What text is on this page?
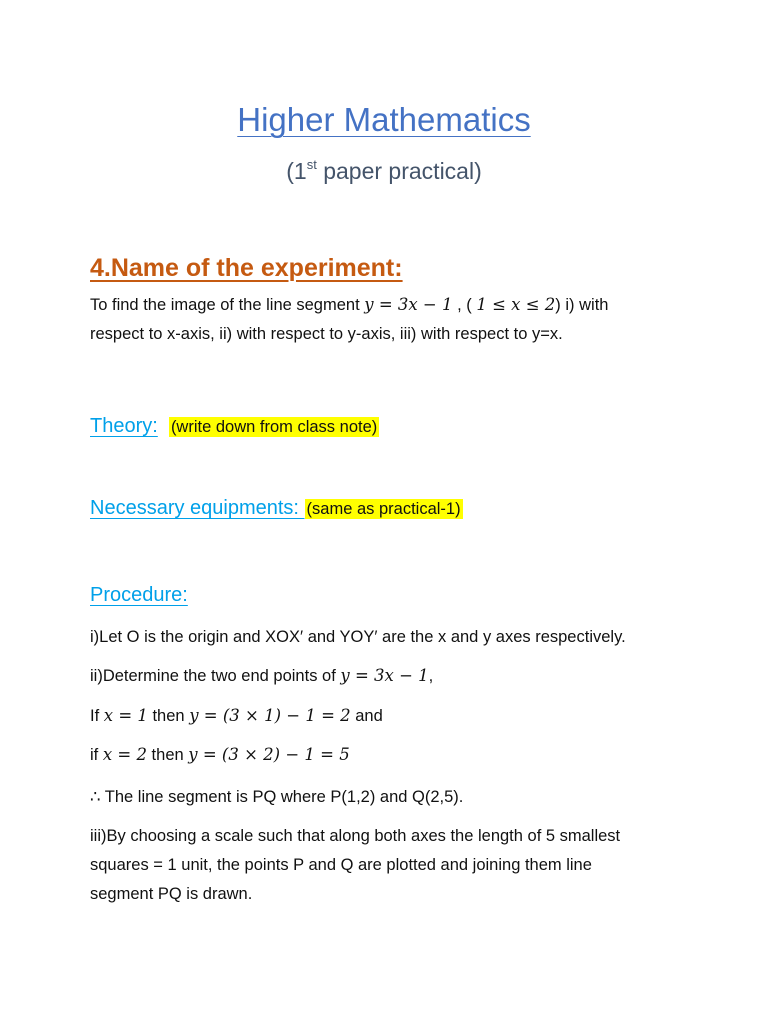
Higher Mathematics
(1st paper practical)
4.Name of the experiment:
To find the image of the line segment y = 3x − 1 , ( 1 ≤ x ≤ 2) i) with
respect to x-axis, ii) with respect to y-axis, iii) with respect to y=x.
Theory: (write down from class note)
Necessary equipments: (same as practical-1)
Procedure:
i)Let O is the origin and XOX′ and YOY′ are the x and y axes respectively.
ii)Determine the two end points of y = 3x − 1,
If x = 1 then y = (3 × 1) − 1 = 2 and
if x = 2 then y = (3 × 2) − 1 = 5
∴ The line segment is PQ where P(1,2) and Q(2,5).
iii)By choosing a scale such that along both axes the length of 5 smallest
squares = 1 unit, the points P and Q are plotted and joining them line
segment PQ is drawn.
